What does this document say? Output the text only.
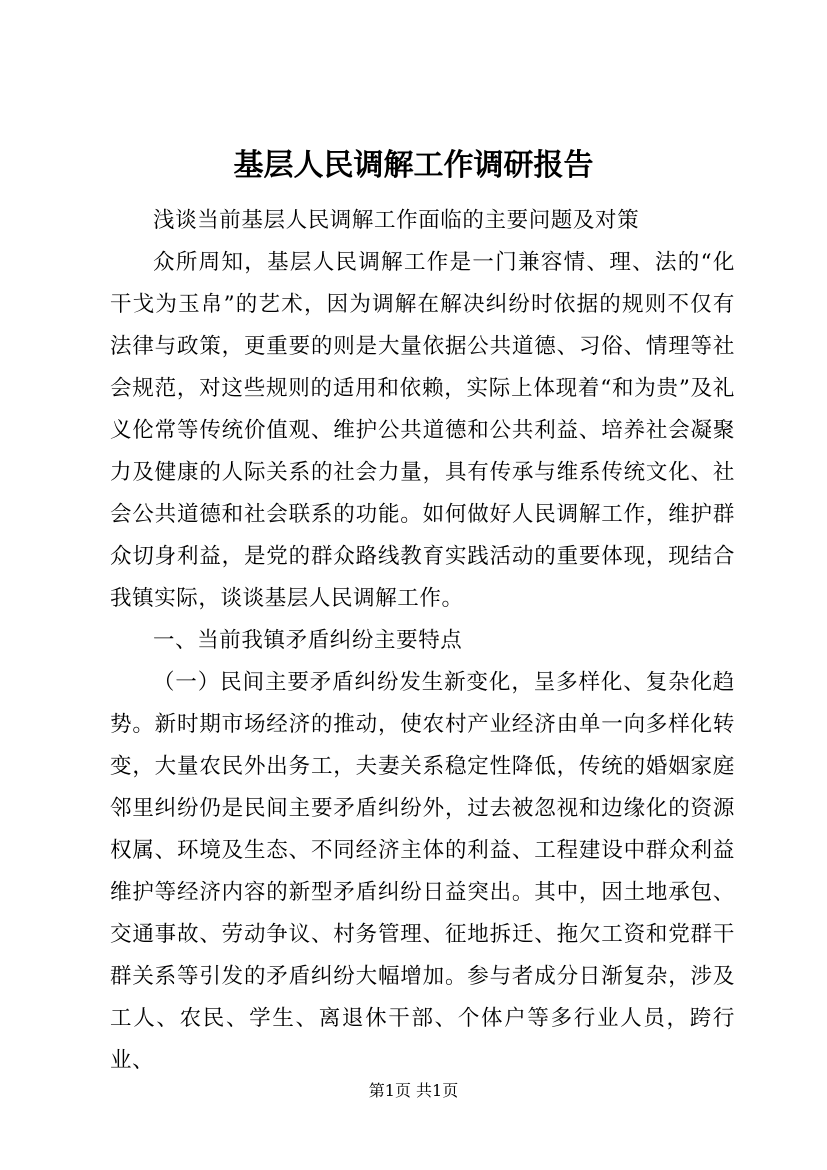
基层人民调解工作调研报告

浅谈当前基层人民调解工作面临的主要问题及对策

众所周知，基层人民调解工作是一门兼容情、理、法的“化干戈为玉帛”的艺术，因为调解在解决纠纷时依据的规则不仅有法律与政策，更重要的则是大量依据公共道德、习俗、情理等社会规范，对这些规则的适用和依赖，实际上体现着“和为贵”及礼义伦常等传统价值观、维护公共道德和公共利益、培养社会凝聚力及健康的人际关系的社会力量，具有传承与维系传统文化、社会公共道德和社会联系的功能。如何做好人民调解工作，维护群众切身利益，是党的群众路线教育实践活动的重要体现，现结合我镇实际，谈谈基层人民调解工作。

一、当前我镇矛盾纠纷主要特点

（一）民间主要矛盾纠纷发生新变化，呈多样化、复杂化趋势。新时期市场经济的推动，使农村产业经济由单一向多样化转变，大量农民外出务工，夫妻关系稳定性降低，传统的婚姻家庭邻里纠纷仍是民间主要矛盾纠纷外，过去被忽视和边缘化的资源权属、环境及生态、不同经济主体的利益、工程建设中群众利益维护等经济内容的新型矛盾纠纷日益突出。其中，因土地承包、交通事故、劳动争议、村务管理、征地拆迁、拖欠工资和党群干群关系等引发的矛盾纠纷大幅增加。参与者成分日渐复杂，涉及工人、农民、学生、离退休干部、个体户等多行业人员，跨行业、

第1页 共1页
